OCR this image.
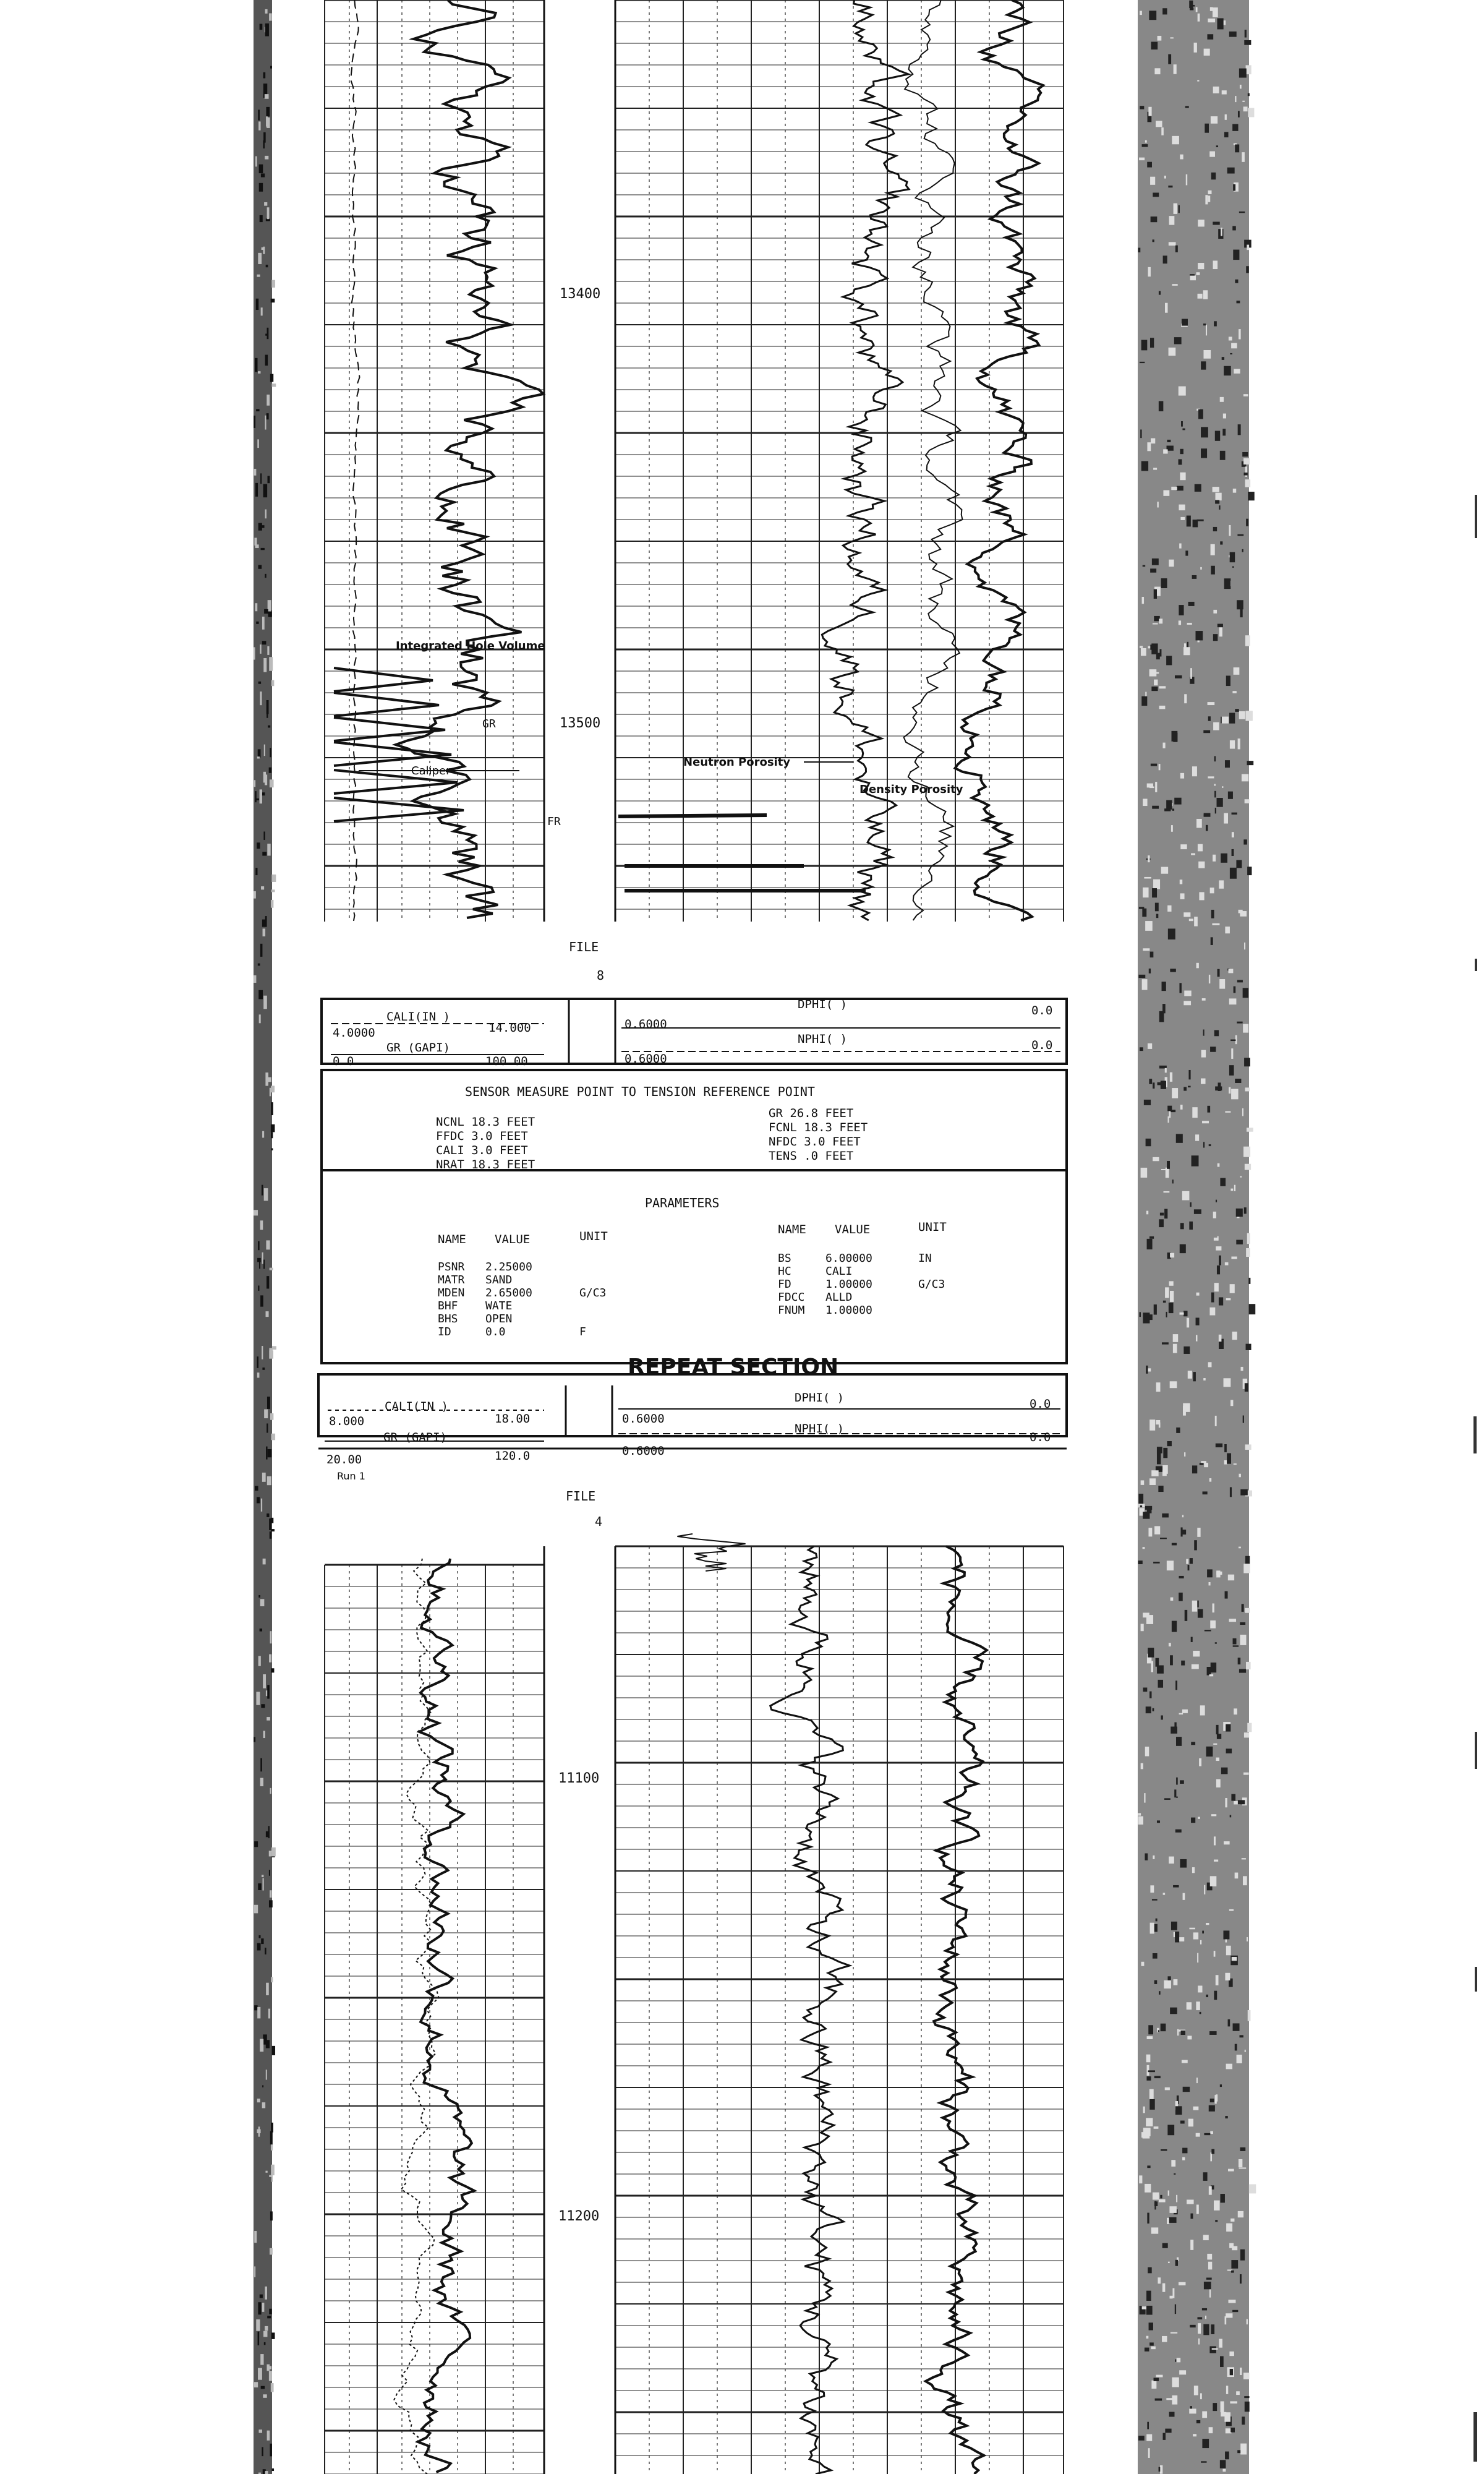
13400
13500
Integrated Hole Volume
GR
Caliper
FR
Neutron Porosity
Density Porosity
FILE
8
CALI(IN )
4.0000	14.000
GR (GAPI)
0.0	100.00
DPHI( )
0.6000
0.0
NPHI( )
0.6000
0.0
SENSOR MEASURE POINT TO TENSION REFERENCE POINT
NCNL 18.3 FEET
FFDC 3.0 FEET
CALI 3.0 FEET
NRAT 18.3 FEET
GR 26.8 FEET
FCNL 18.3 FEET
NFDC 3.0 FEET
TENS .0 FEET
PARAMETERS
NAME VALUE	UNIT	NAME VALUE	UNIT
PSNR 2.25000
MATR SAND
MDEN 2.65000	G/C3
BHF WATE
BHS OPEN
ID	0.0	F
BS	6.00000	IN
HC	CALI
FD	1.00000	G/C3
FDCC ALLD
FNUM 1.00000
REPEAT SECTION
CALI(IN )
8.000	18.00
GR (GAPI)
20.00	120.0
DPHI( )
0.6000
0.0
NPHI( )
0.6000
0.0
Run 1
FILE
4
11100
11200
